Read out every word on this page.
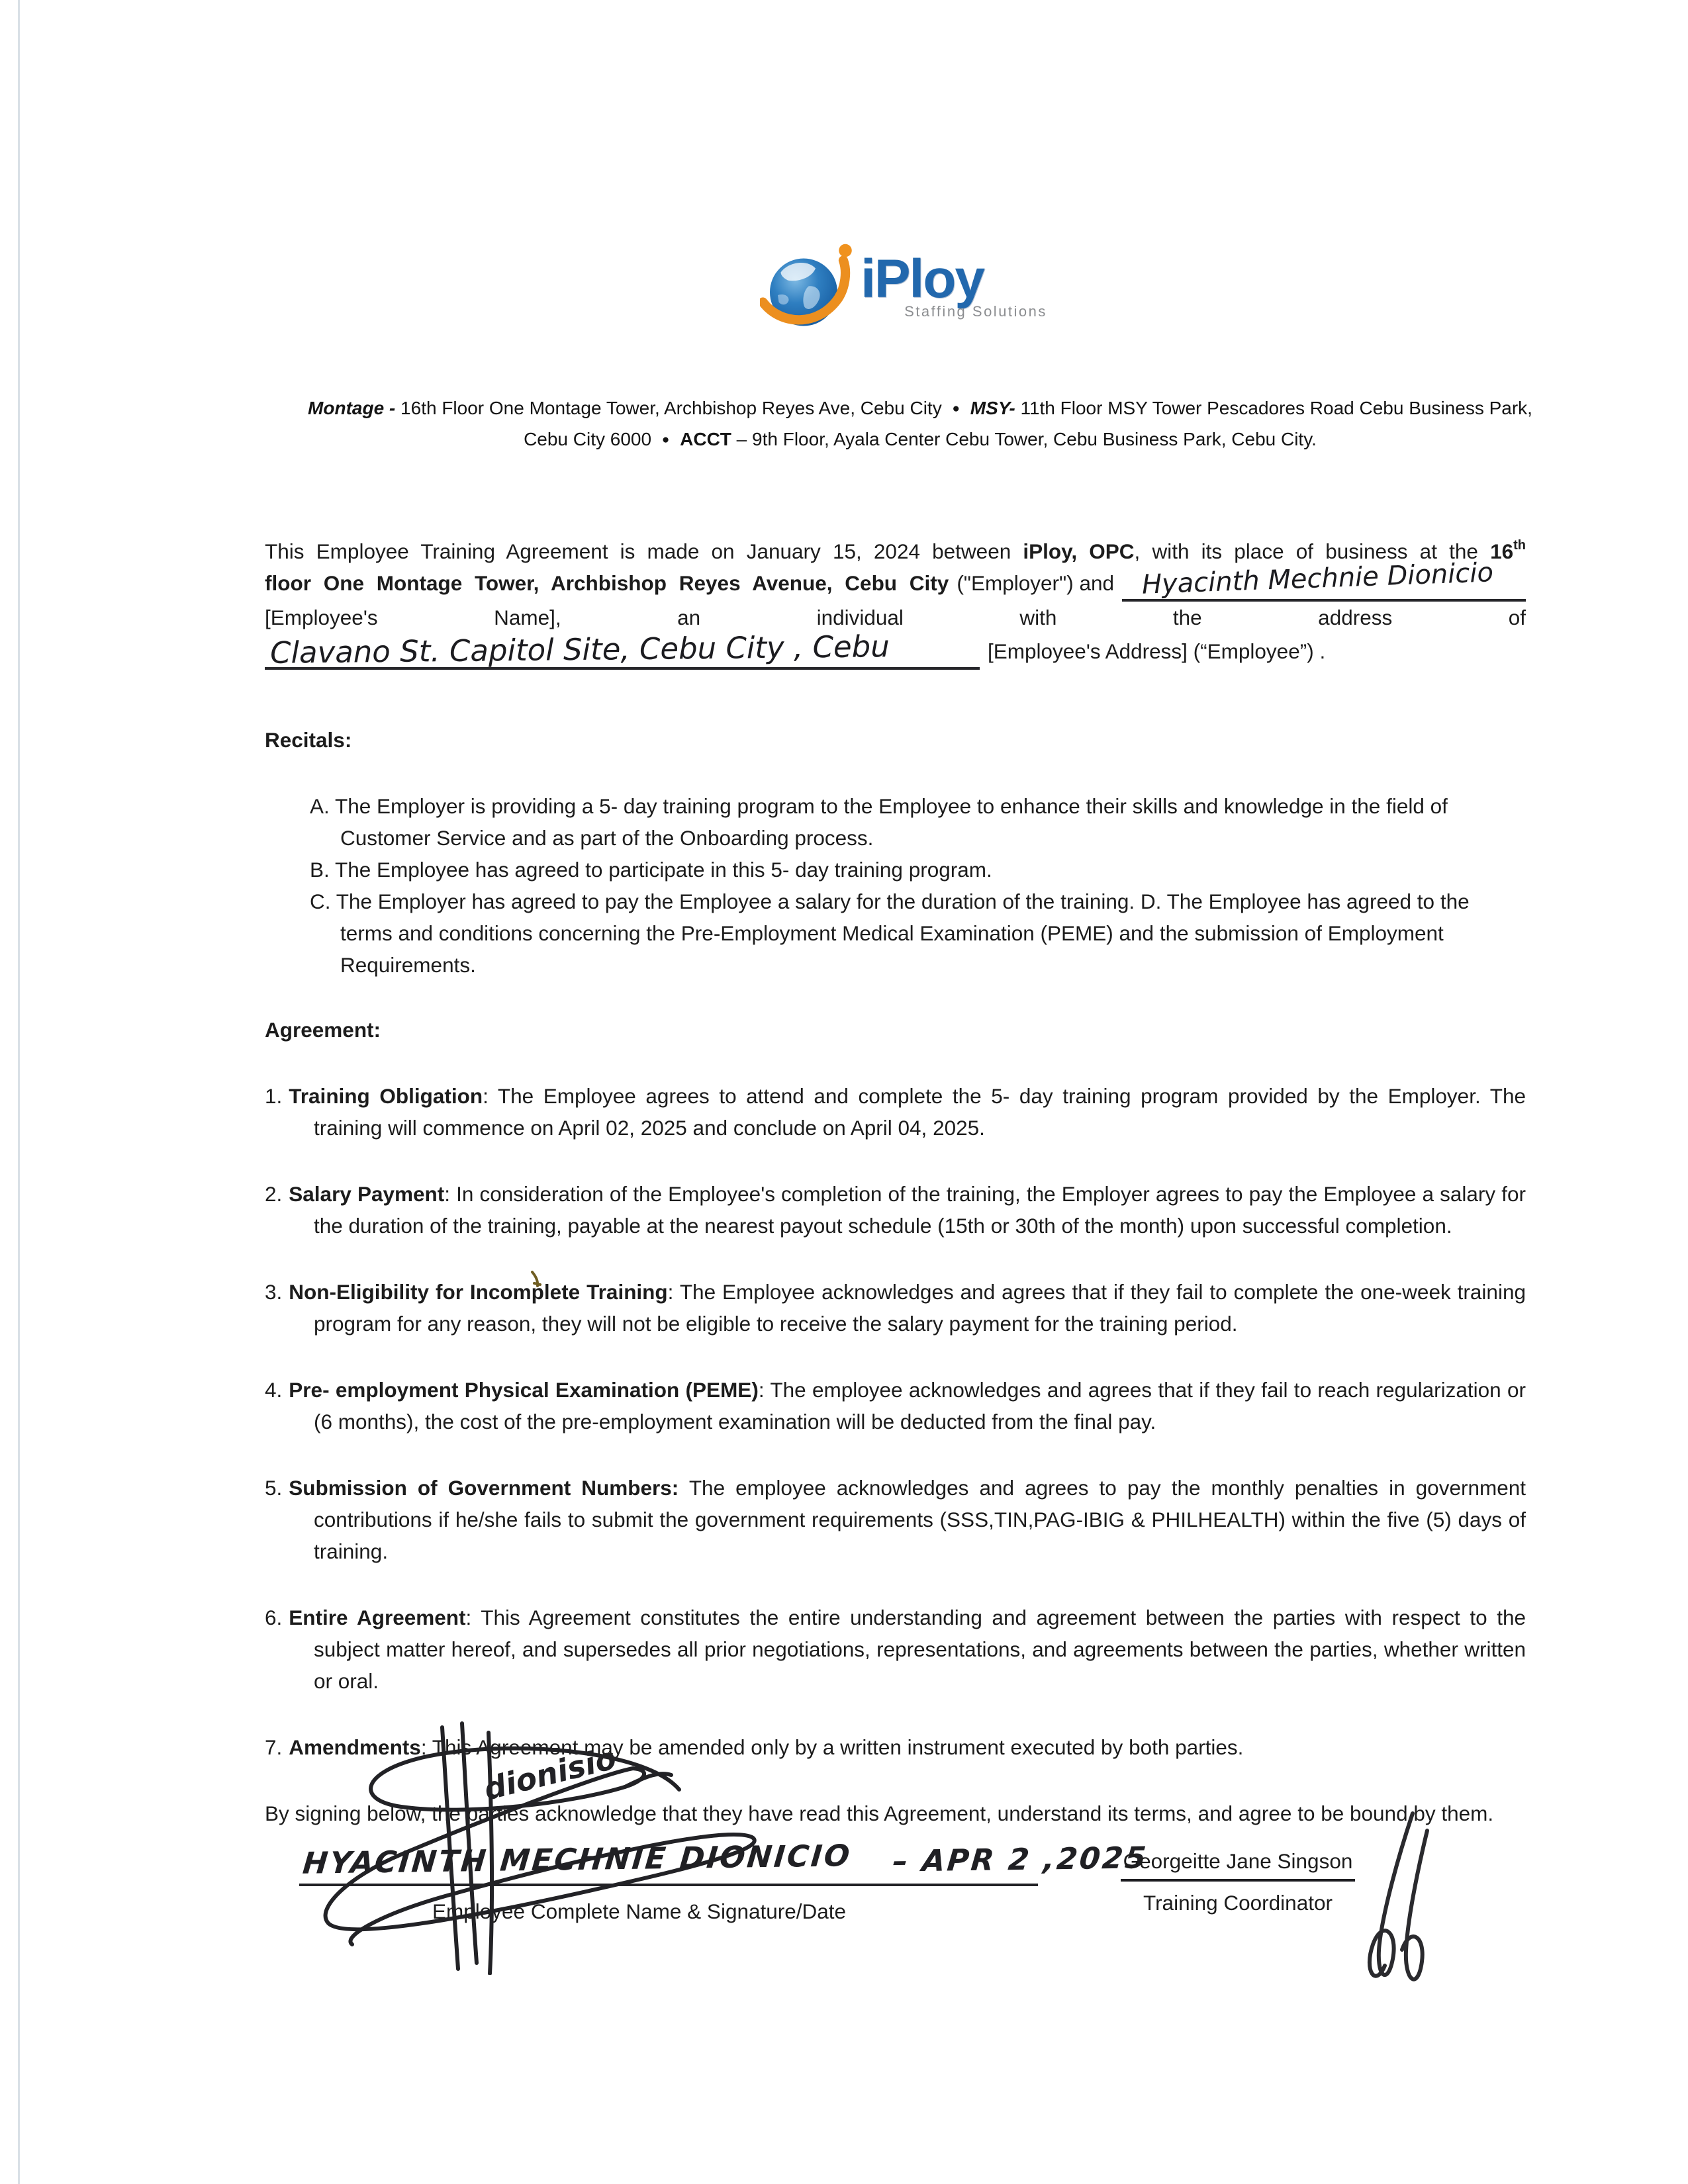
iPloy
Staffing Solutions

Montage - 16th Floor One Montage Tower, Archbishop Reyes Ave, Cebu City ● MSY- 11th Floor MSY Tower Pescadores Road Cebu Business Park, Cebu City 6000 ● ACCT – 9th Floor, Ayala Center Cebu Tower, Cebu Business Park, Cebu City.

This Employee Training Agreement is made on January 15, 2024 between iPloy, OPC, with its place of business at the 16th
floor One Montage Tower, Archbishop Reyes Avenue, Cebu City ("Employer") and	Hyacinth Mechnie Dionicio
[Employee's Name], an individual with the address of
Clavano St. Capitol Site, Cebu City , Cebu	[Employee's Address] (“Employee”) .
Recitals:

A. The Employer is providing a 5- day training program to the Employee to enhance their skills and knowledge in the field of Customer Service and as part of the Onboarding process.

B. The Employee has agreed to participate in this 5- day training program.

C. The Employer has agreed to pay the Employee a salary for the duration of the training. D. The Employee has agreed to the terms and conditions concerning the Pre-Employment Medical Examination (PEME) and the submission of Employment Requirements.

Agreement:

1. Training Obligation: The Employee agrees to attend and complete the 5- day training program provided by the Employer. The training will commence on April 02, 2025 and conclude on April 04, 2025.

2. Salary Payment: In consideration of the Employee's completion of the training, the Employer agrees to pay the Employee a salary for the duration of the training, payable at the nearest payout schedule (15th or 30th of the month) upon successful completion.

3. Non-Eligibility for Incomplete Training: The Employee acknowledges and agrees that if they fail to complete the one-week training program for any reason, they will not be eligible to receive the salary payment for the training period.

4. Pre- employment Physical Examination (PEME): The employee acknowledges and agrees that if they fail to reach regularization or (6 months), the cost of the pre-employment examination will be deducted from the final pay.

5. Submission of Government Numbers: The employee acknowledges and agrees to pay the monthly penalties in government contributions if he/she fails to submit the government requirements (SSS,TIN,PAG-IBIG & PHILHEALTH) within the five (5) days of training.

6. Entire Agreement: This Agreement constitutes the entire understanding and agreement between the parties with respect to the subject matter hereof, and supersedes all prior negotiations, representations, and agreements between the parties, whether written or oral.

7. Amendments: This Agreement may be amended only by a written instrument executed by both parties.

By signing below, the parties acknowledge that they have read this Agreement, understand its terms, and agree to be bound by them.

dionisio
HYACINTH MECHNIE DIONICIO – APR 2 ,2025
Employee Complete Name & Signature/Date
Georgeitte Jane Singson
Training Coordinator
